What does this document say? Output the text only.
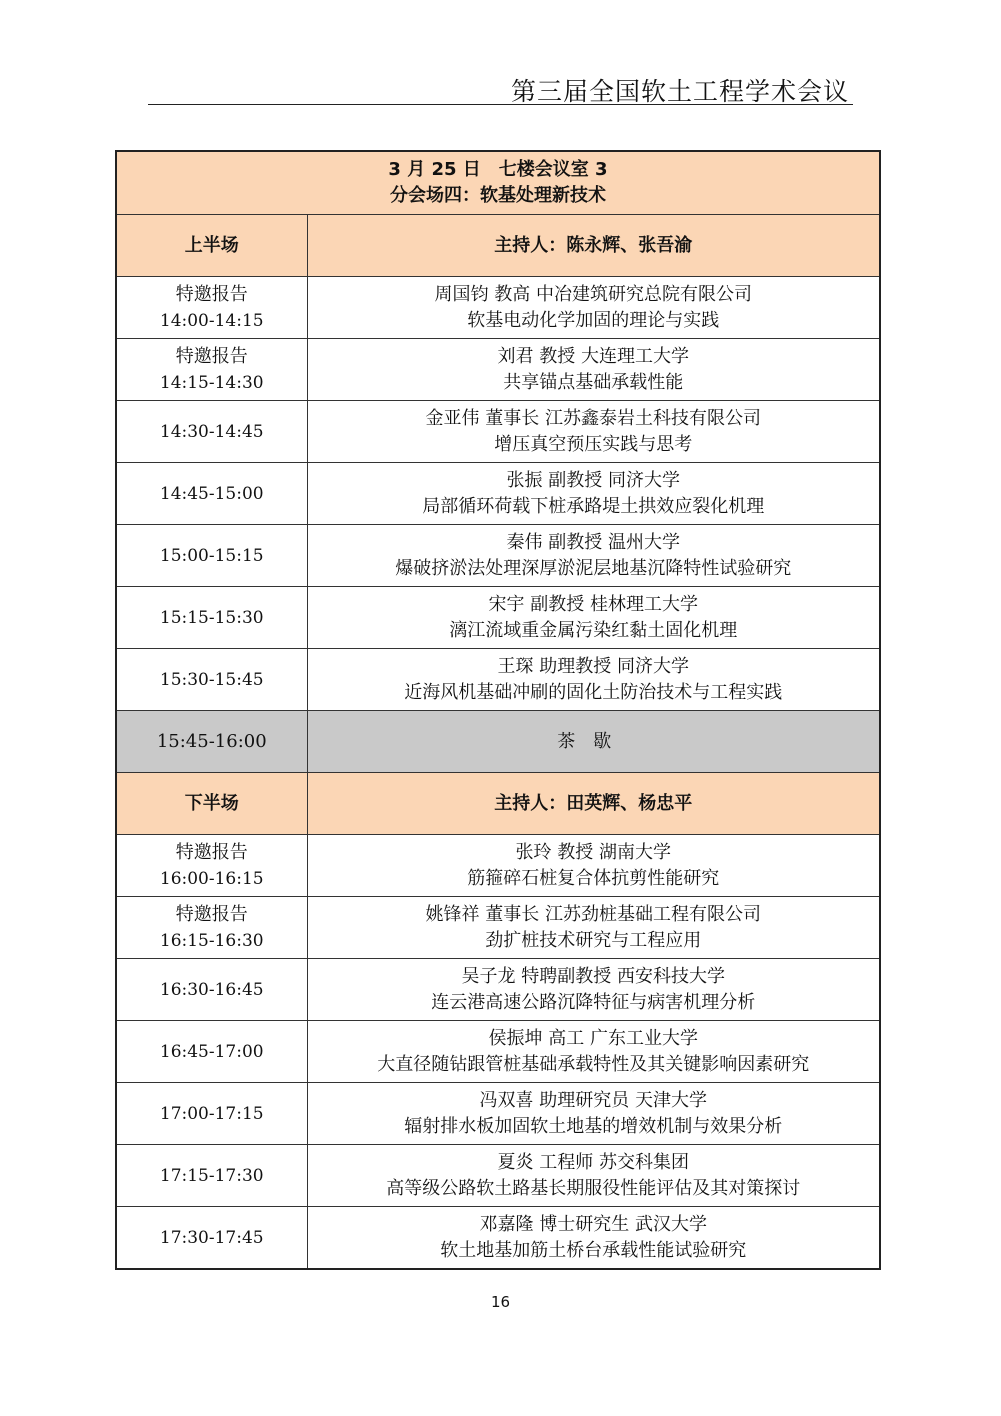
第三届全国软土工程学术会议
3 月 25 日　七楼会议室 3
分会场四：软基处理新技术	

上半场	主持人：陈永辉、张吾渝

特邀报告
14:00-14:15	周国钧 教高 中冶建筑研究总院有限公司
软基电动化学加固的理论与实践

特邀报告
14:15-14:30	刘君 教授 大连理工大学
共享锚点基础承载性能

14:30-14:45	金亚伟 董事长 江苏鑫泰岩土科技有限公司
增压真空预压实践与思考

14:45-15:00	张振 副教授 同济大学
局部循环荷载下桩承路堤土拱效应裂化机理

15:00-15:15	秦伟 副教授 温州大学
爆破挤淤法处理深厚淤泥层地基沉降特性试验研究

15:15-15:30	宋宇 副教授 桂林理工大学
漓江流域重金属污染红黏土固化机理

15:30-15:45	王琛 助理教授 同济大学
近海风机基础冲刷的固化土防治技术与工程实践

15:45-16:00	茶歇
下半场	主持人：田英辉、杨忠平

特邀报告
16:00-16:15	张玲 教授 湖南大学
筋箍碎石桩复合体抗剪性能研究

特邀报告
16:15-16:30	姚锋祥 董事长 江苏劲桩基础工程有限公司
劲扩桩技术研究与工程应用

16:30-16:45	吴子龙 特聘副教授 西安科技大学
连云港高速公路沉降特征与病害机理分析

16:45-17:00	侯振坤 高工 广东工业大学
大直径随钻跟管桩基础承载特性及其关键影响因素研究

17:00-17:15	冯双喜 助理研究员 天津大学
辐射排水板加固软土地基的增效机制与效果分析

17:15-17:30	夏炎 工程师 苏交科集团
高等级公路软土路基长期服役性能评估及其对策探讨

17:30-17:45	邓嘉隆 博士研究生 武汉大学
软土地基加筋土桥台承载性能试验研究
16
